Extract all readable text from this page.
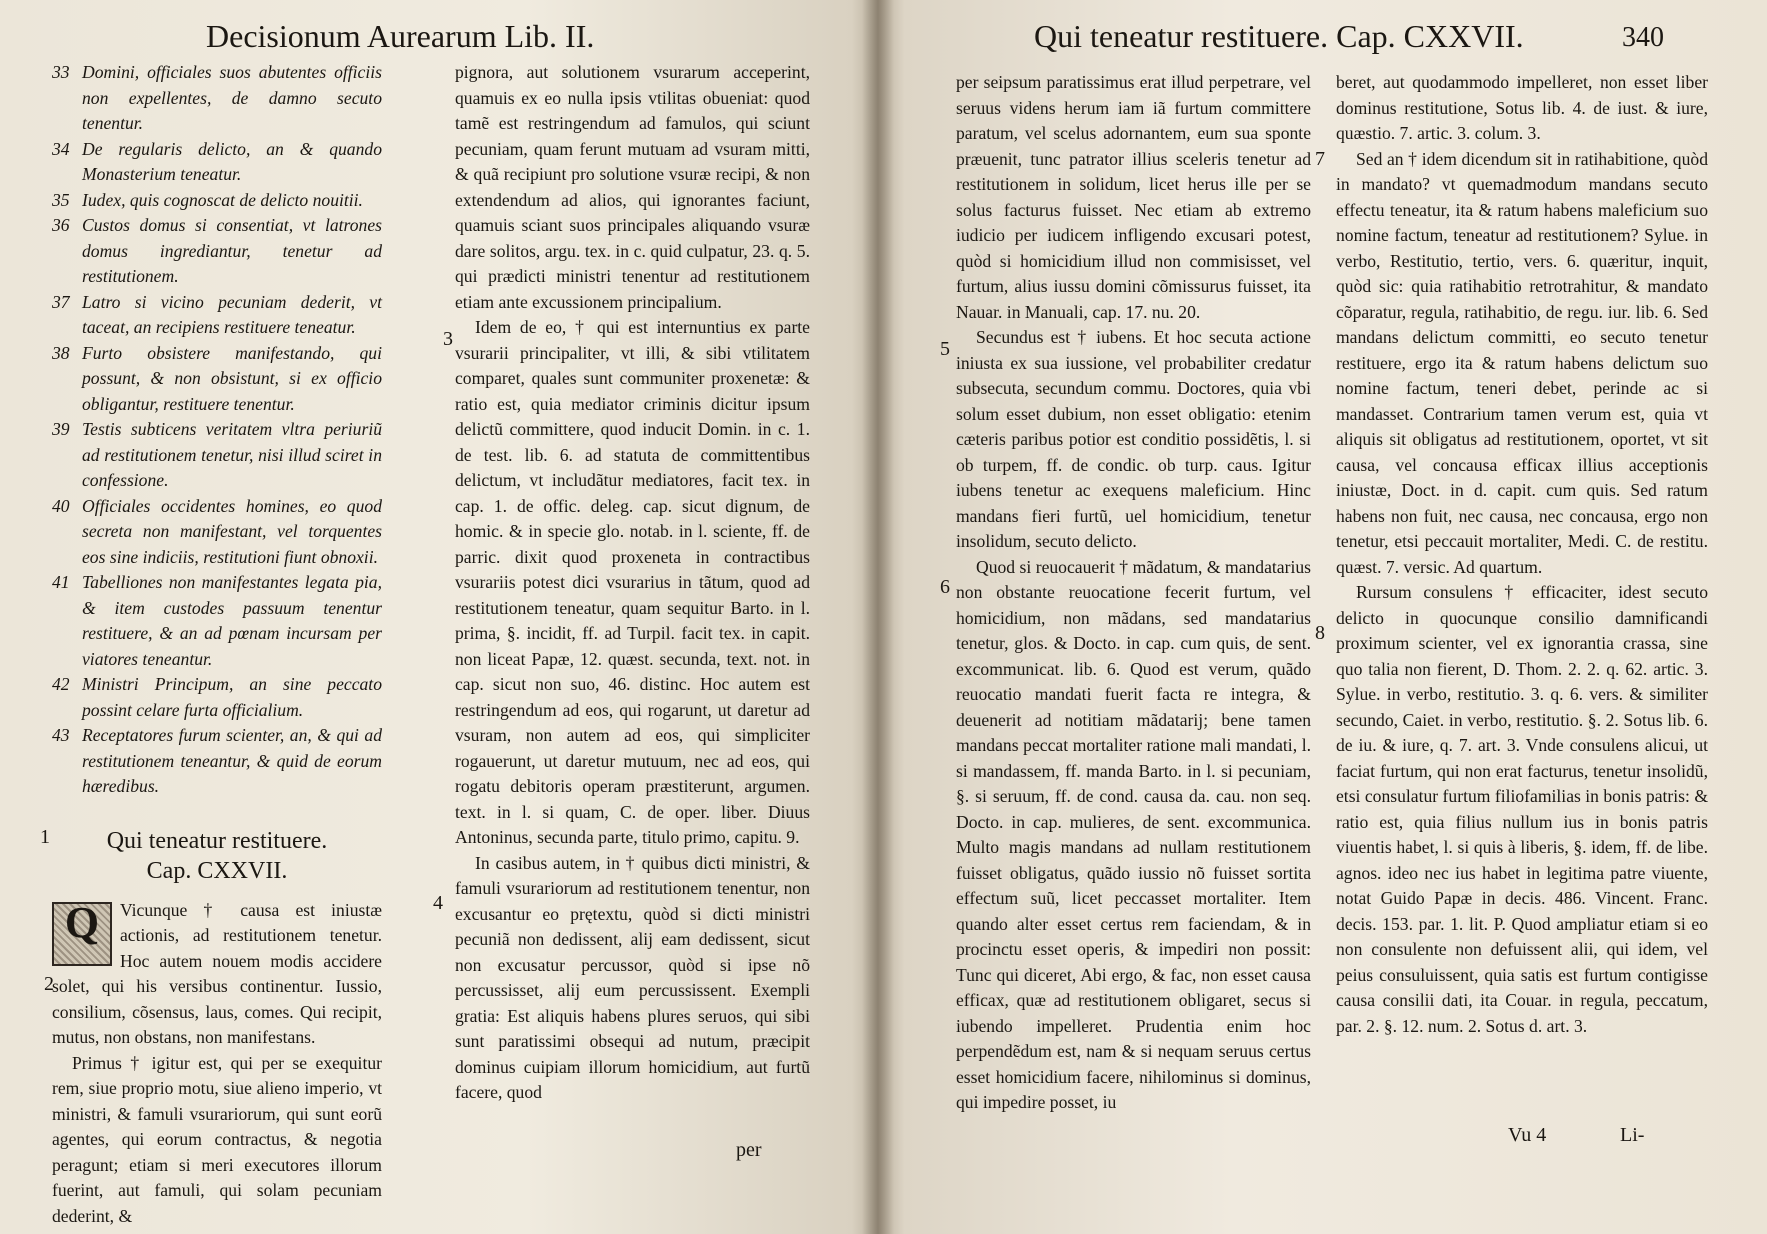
Decisionum Aurearum Lib. II.

33 Domini, officiales suos abutentes officiis non expellentes, de damno secuto tenentur.

34 De regularis delicto, an & quando Monasterium teneatur.

35 Iudex, quis cognoscat de delicto nouitii.

36 Custos domus si consentiat, vt latrones domus ingrediantur, tenetur ad restitutionem.

37 Latro si vicino pecuniam dederit, vt taceat, an recipiens restituere teneatur.

38 Furto obsistere manifestando, qui possunt, & non obsistunt, si ex officio obligantur, restituere tenentur.

39 Testis subticens veritatem vltra periuriũ ad restitutionem tenetur, nisi illud sciret in confessione.

40 Officiales occidentes homines, eo quod secreta non manifestant, vel torquentes eos sine indiciis, restitutioni fiunt obnoxii.

41 Tabelliones non manifestantes legata pia, & item custodes passuum tenentur restituere, & an ad pœnam incursam per viatores teneantur.

42 Ministri Principum, an sine peccato possint celare furta officialium.

43 Receptatores furum scienter, an, & qui ad restitutionem teneantur, & quid de eorum hæredibus.

Qui teneatur restituere.
Cap. CXXVII.

Q	Vicunque † causa est iniustæ actionis, ad restitutionem tenetur. Hoc autem nouem modis accidere solet, qui his versibus continentur. Iussio, consilium, cõsensus, laus, comes. Qui recipit, mutus, non obstans, non manifestans.

Primus † igitur est, qui per se exequitur rem, siue proprio motu, siue alieno imperio, vt ministri, & famuli vsurariorum, qui sunt eorũ agentes, qui eorum contractus, & negotia peragunt; etiam si meri executores illorum fuerint, aut famuli, qui solam pecuniam dederint, &

1
2

pignora, aut solutionem vsurarum acceperint, quamuis ex eo nulla ipsis vtilitas obueniat: quod tamẽ est restringendum ad famulos, qui sciunt pecuniam, quam ferunt mutuam ad vsuram mitti, & quã recipiunt pro solutione vsuræ recipi, & non extendendum ad alios, qui ignorantes faciunt, quamuis sciant suos principales aliquando vsuræ dare solitos, argu. tex. in c. quid culpatur, 23. q. 5. qui prædicti ministri tenentur ad restitutionem etiam ante excussionem principalium.

Idem de eo, † qui est internuntius ex parte vsurarii principaliter, vt illi, & sibi vtilitatem comparet, quales sunt communiter proxenetæ: & ratio est, quia mediator criminis dicitur ipsum delictũ committere, quod inducit Domin. in c. 1. de test. lib. 6. ad statuta de committentibus delictum, vt includãtur mediatores, facit tex. in cap. 1. de offic. deleg. cap. sicut dignum, de homic. & in specie glo. notab. in l. sciente, ff. de parric. dixit quod proxeneta in contractibus vsurariis potest dici vsurarius in tãtum, quod ad restitutionem teneatur, quam sequitur Barto. in l. prima, §. incidit, ff. ad Turpil. facit tex. in capit. non liceat Papæ, 12. quæst. secunda, text. not. in cap. sicut non suo, 46. distinc. Hoc autem est restringendum ad eos, qui rogarunt, ut daretur ad vsuram, non autem ad eos, qui simpliciter rogauerunt, ut daretur mutuum, nec ad eos, qui rogatu debitoris operam præstiterunt, argumen. text. in l. si quam, C. de oper. liber. Diuus Antoninus, secunda parte, titulo primo, capitu. 9.

In casibus autem, in † quibus dicti ministri, & famuli vsurariorum ad restitutionem tenentur, non excusantur eo prętextu, quòd si dicti ministri pecuniã non dedissent, alij eam dedissent, sicut non excusatur percussor, quòd si ipse nõ percussisset, alij eum percussissent. Exempli gratia: Est aliquis habens plures seruos, qui sibi sunt paratissimi obsequi ad nutum, præcipit dominus cuipiam illorum homicidium, aut furtũ facere, quod

3
4
per
Qui teneatur restituere. Cap. CXXVII.	340

per seipsum paratissimus erat illud perpetrare, vel seruus videns herum iam iã furtum committere paratum, vel scelus adornantem, eum sua sponte præuenit, tunc patrator illius sceleris tenetur ad restitutionem in solidum, licet herus ille per se solus facturus fuisset. Nec etiam ab extremo iudicio per iudicem infligendo excusari potest, quòd si homicidium illud non commisisset, vel furtum, alius iussu domini cõmissurus fuisset, ita Nauar. in Manuali, cap. 17. nu. 20.

Secundus est † iubens. Et hoc secuta actione iniusta ex sua iussione, vel probabiliter credatur subsecuta, secundum commu. Doctores, quia vbi solum esset dubium, non esset obligatio: etenim cæteris paribus potior est conditio possidẽtis, l. si ob turpem, ff. de condic. ob turp. caus. Igitur iubens tenetur ac exequens maleficium. Hinc mandans fieri furtũ, uel homicidium, tenetur insolidum, secuto delicto.

Quod si reuocauerit † mãdatum, & mandatarius non obstante reuocatione fecerit furtum, vel homicidium, non mãdans, sed mandatarius tenetur, glos. & Docto. in cap. cum quis, de sent. excommunicat. lib. 6. Quod est verum, quãdo reuocatio mandati fuerit facta re integra, & deuenerit ad notitiam mãdatarij; bene tamen mandans peccat mortaliter ratione mali mandati, l. si mandassem, ff. manda Barto. in l. si pecuniam, §. si seruum, ff. de cond. causa da. cau. non seq. Docto. in cap. mulieres, de sent. excommunica. Multo magis mandans ad nullam restitutionem fuisset obligatus, quãdo iussio nõ fuisset sortita effectum suũ, licet peccasset mortaliter. Item quando alter esset certus rem faciendam, & in procinctu esset operis, & impediri non possit: Tunc qui diceret, Abi ergo, & fac, non esset causa efficax, quæ ad restitutionem obligaret, secus si iubendo impelleret. Prudentia enim hoc perpendẽdum est, nam & si nequam seruus certus esset homicidium facere, nihilominus si dominus, qui impedire posset, iu

5
6

beret, aut quodammodo impelleret, non esset liber dominus restitutione, Sotus lib. 4. de iust. & iure, quæstio. 7. artic. 3. colum. 3.

Sed an † idem dicendum sit in ratihabitione, quòd in mandato? vt quemadmodum mandans secuto effectu teneatur, ita & ratum habens maleficium suo nomine factum, teneatur ad restitutionem? Sylue. in verbo, Restitutio, tertio, vers. 6. quæritur, inquit, quòd sic: quia ratihabitio retrotrahitur, & mandato cõparatur, regula, ratihabitio, de regu. iur. lib. 6. Sed mandans delictum committi, eo secuto tenetur restituere, ergo ita & ratum habens delictum suo nomine factum, teneri debet, perinde ac si mandasset. Contrarium tamen verum est, quia vt aliquis sit obligatus ad restitutionem, oportet, vt sit causa, vel concausa efficax illius acceptionis iniustæ, Doct. in d. capit. cum quis. Sed ratum habens non fuit, nec causa, nec concausa, ergo non tenetur, etsi peccauit mortaliter, Medi. C. de restitu. quæst. 7. versic. Ad quartum.

Rursum consulens † efficaciter, idest secuto delicto in quocunque consilio damnificandi proximum scienter, vel ex ignorantia crassa, sine quo talia non fierent, D. Thom. 2. 2. q. 62. artic. 3. Sylue. in verbo, restitutio. 3. q. 6. vers. & similiter secundo, Caiet. in verbo, restitutio. §. 2. Sotus lib. 6. de iu. & iure, q. 7. art. 3. Vnde consulens alicui, ut faciat furtum, qui non erat facturus, tenetur insolidũ, etsi consulatur furtum filiofamilias in bonis patris: & ratio est, quia filius nullum ius in bonis patris viuentis habet, l. si quis à liberis, §. idem, ff. de libe. agnos. ideo nec ius habet in legitima patre viuente, notat Guido Papæ in decis. 486. Vincent. Franc. decis. 153. par. 1. lit. P. Quod ampliatur etiam si eo non consulente non defuissent alii, qui idem, vel peius consuluissent, quia satis est furtum contigisse causa consilii dati, ita Couar. in regula, peccatum, par. 2. §. 12. num. 2. Sotus d. art. 3.

7
8
Vu 4	Li-
